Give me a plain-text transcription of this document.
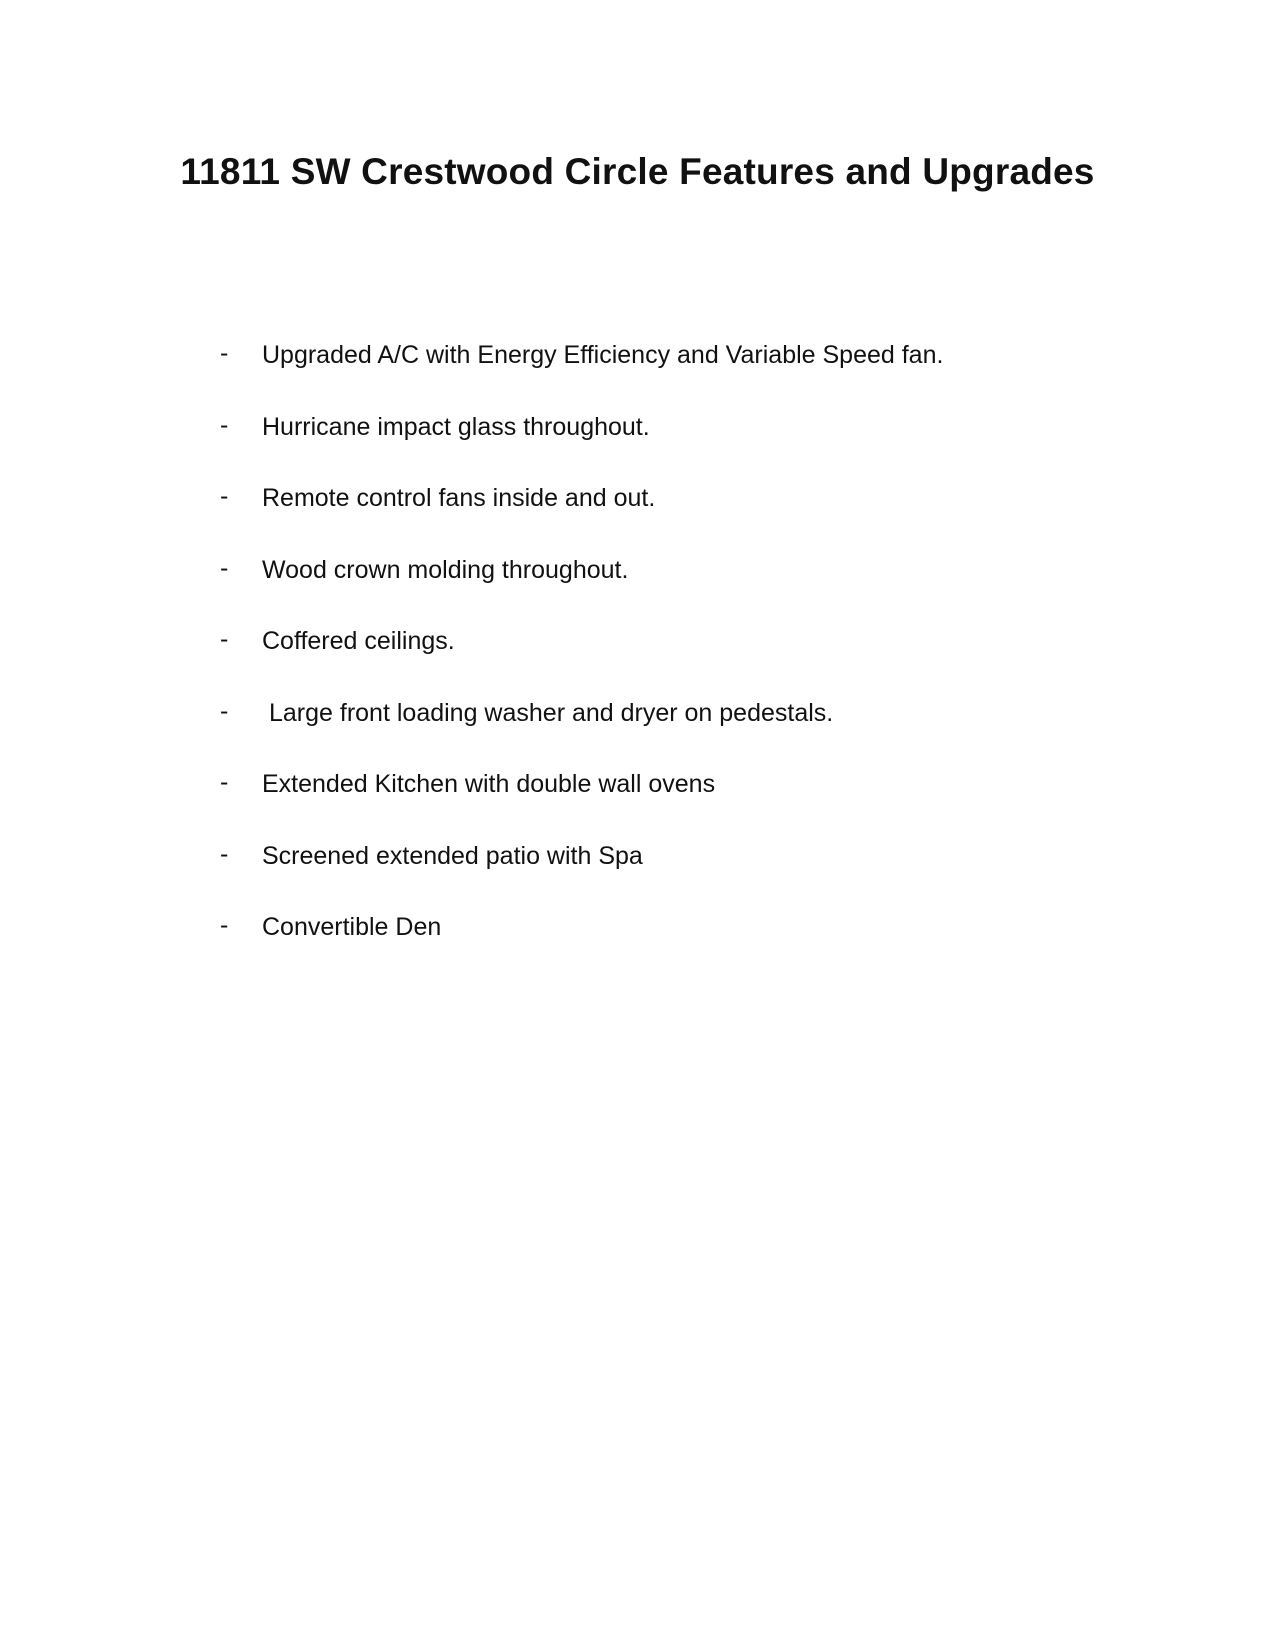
11811 SW Crestwood Circle Features and Upgrades
-	Upgraded A/C with Energy Efficiency and Variable Speed fan.
-	Hurricane impact glass throughout.
-	Remote control fans inside and out.
-	Wood crown molding throughout.
-	Coffered ceilings.
-	Large front loading washer and dryer on pedestals.
-	Extended Kitchen with double wall ovens
-	Screened extended patio with Spa
-	Convertible Den
